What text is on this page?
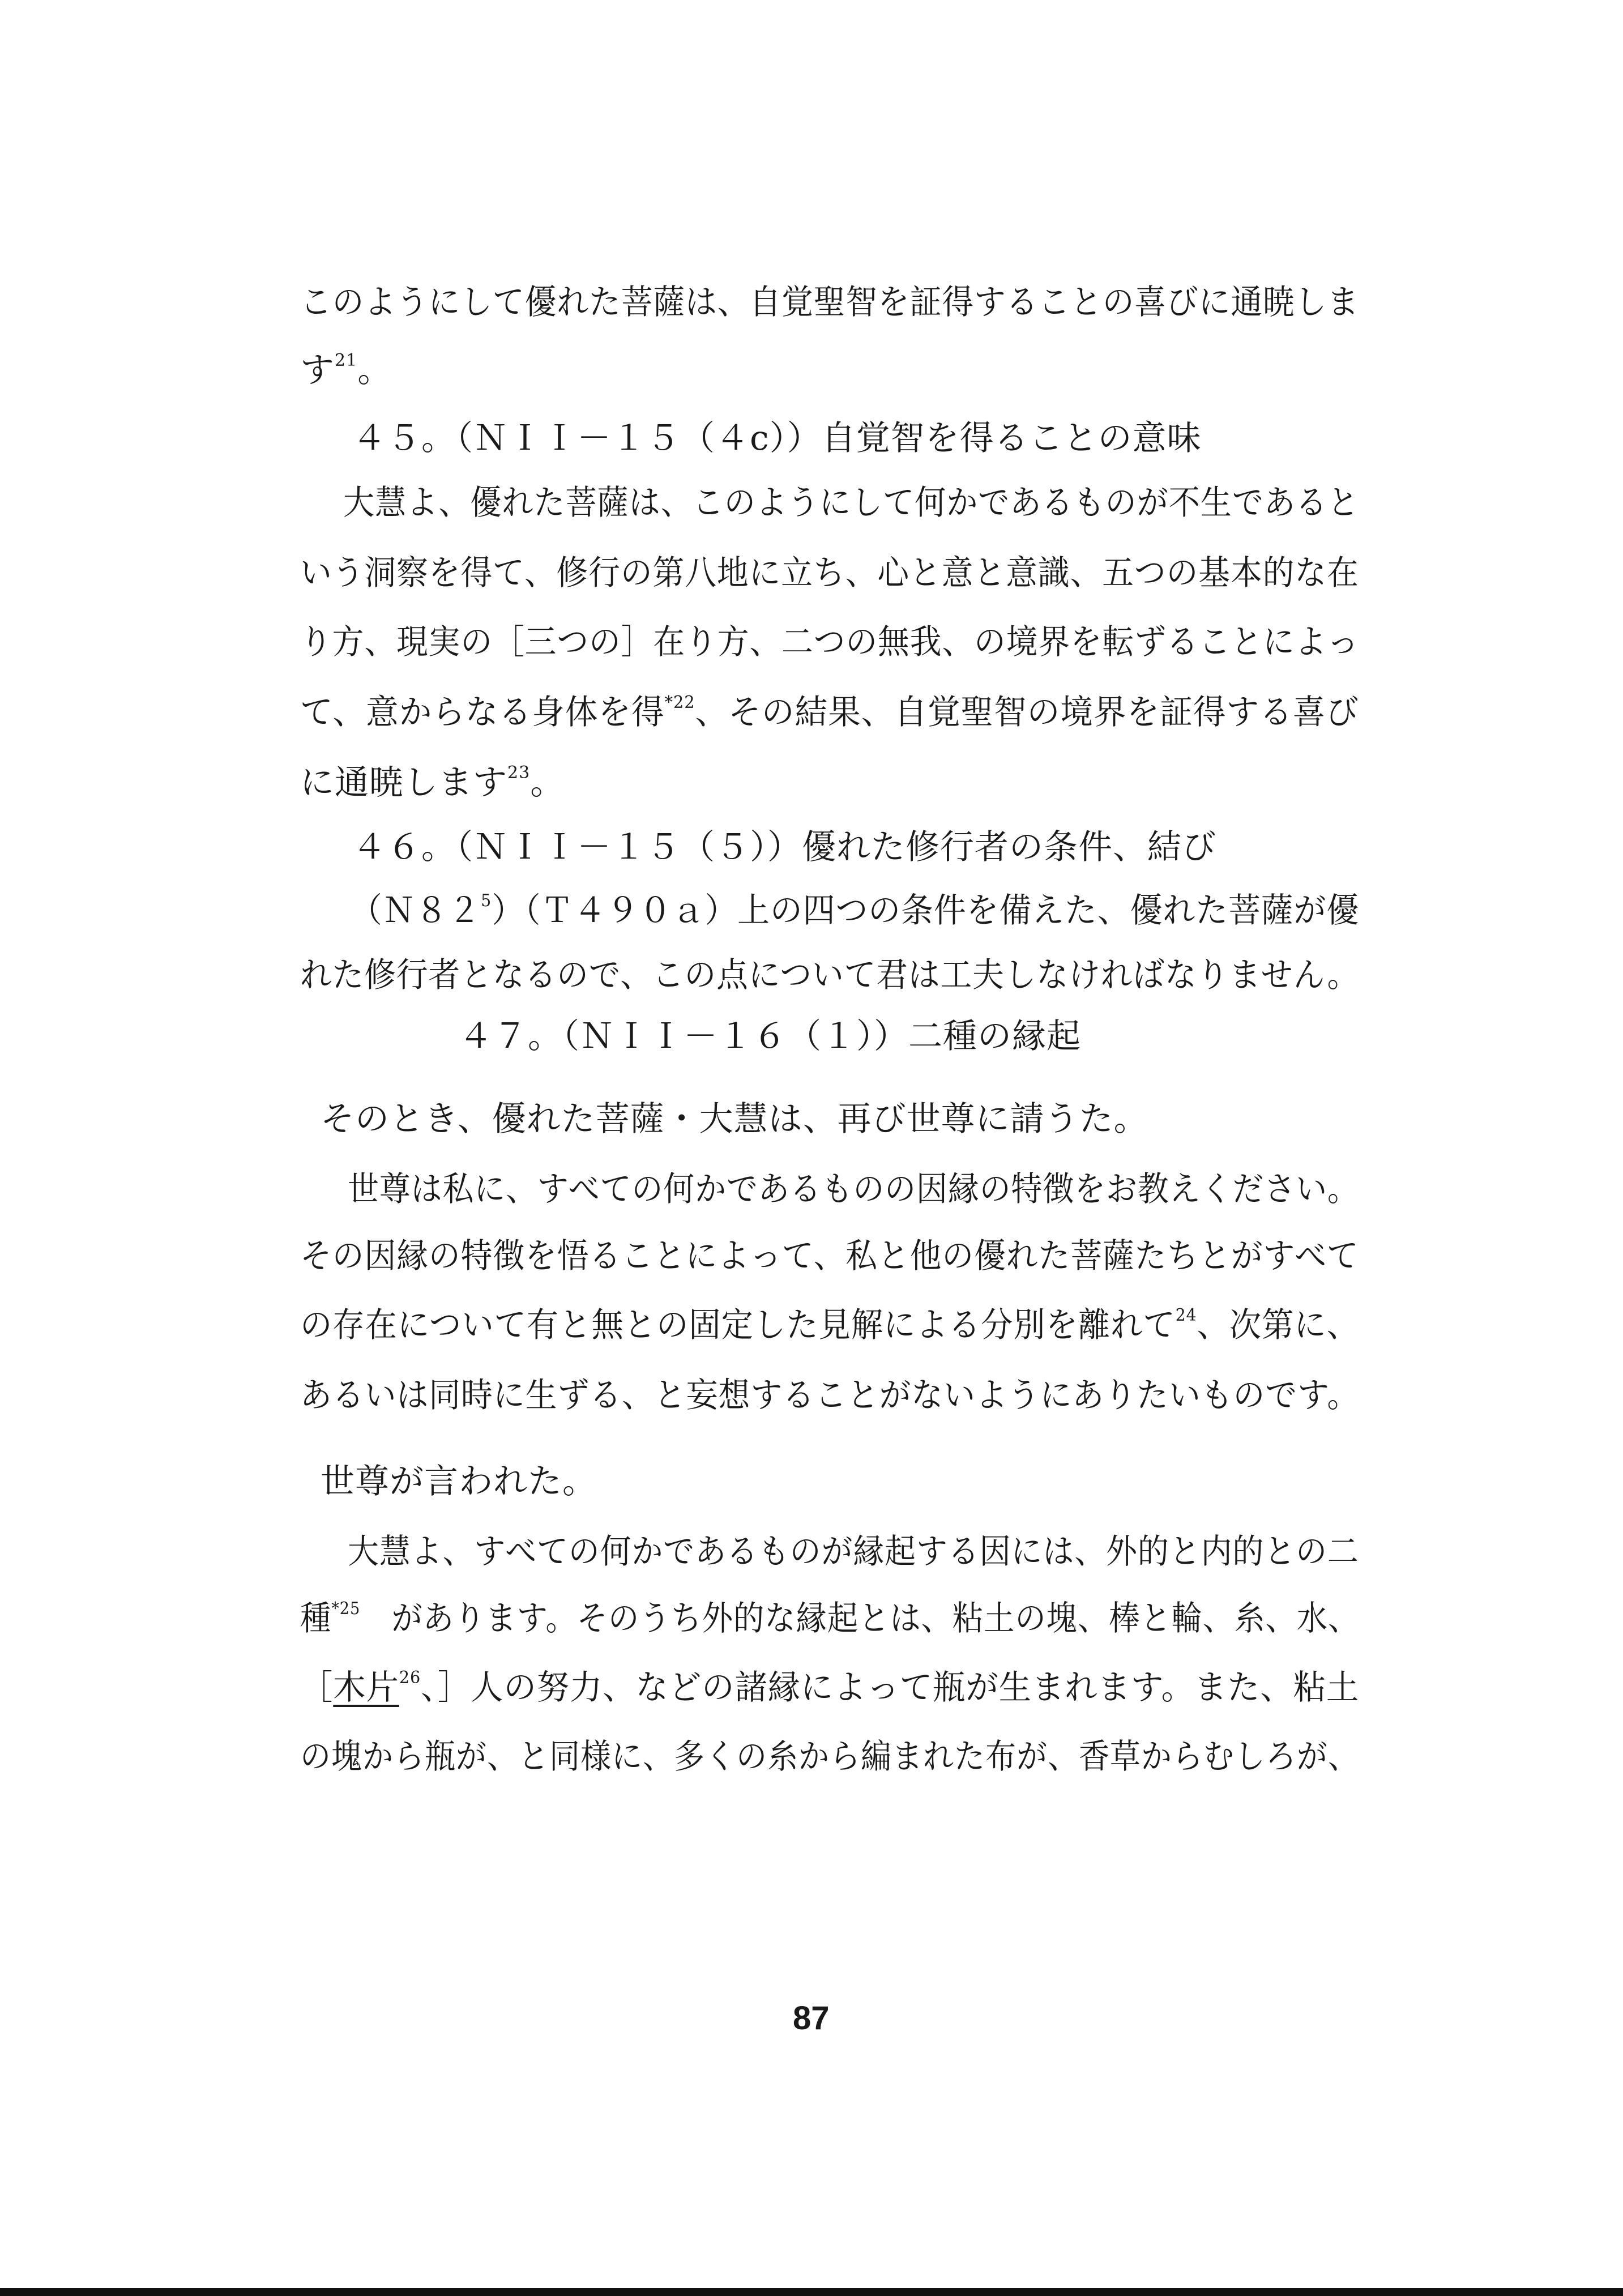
このようにして優れた菩薩は、自覚聖智を証得することの喜びに通暁しま
す$^{21}$。
４５。（ＮＩＩ－１５（４c））自覚智を得ることの意味
大慧よ、優れた菩薩は、このようにして何かであるものが不生であると
いう洞察を得て、修行の第八地に立ち、心と意と意識、五つの基本的な在
り方、現実の［三つの］在り方、二つの無我、の境界を転ずることによっ
て、意からなる身体を得$^{*22}$、その結果、自覚聖智の境界を証得する喜び
に通暁します$^{23}$。
４６。（ＮＩＩ－１５（５））優れた修行者の条件、結び
$(N82^5)(T490a)$上の四つの条件を備えた、優れた菩薩が優
れた修行者となるので、この点について君は工夫しなければなりません。
４７。（ＮＩＩ－１６（１））二種の縁起
そのとき、優れた菩薩・大慧は、再び世尊に請うた。
世尊は私に、すべての何かであるものの因縁の特徴をお教えください。
その因縁の特徴を悟ることによって、私と他の優れた菩薩たちとがすべて
の存在について有と無との固定した見解による分別を離れて$^{24}$、次第に、
あるいは同時に生ずる、と妄想することがないようにありたいものです。
世尊が言われた。
大慧よ、すべての何かであるものが縁起する因には、外的と内的との二
種$^{*25}$　があります。そのうち外的な縁起とは、粘土の塊、棒と輪、糸、水、
［木片$^{26}$、］人の努力、などの諸縁によって瓶が生まれます。また、粘土
の塊から瓶が、と同様に、多くの糸から編まれた布が、香草からむしろが、
87
